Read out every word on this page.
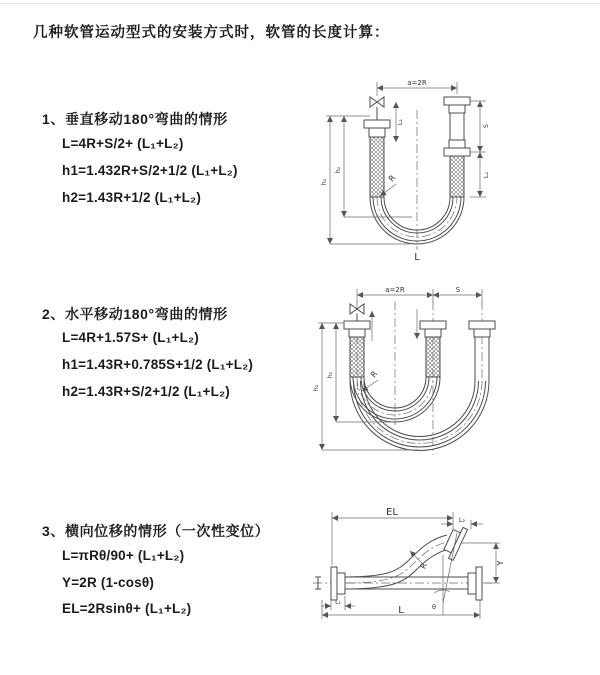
几种软管运动型式的安装方式时，软管的长度计算：
1、垂直移动180°弯曲的情形
L=4R+S/2+ (L₁+L₂)
h1=1.432R+S/2+1/2 (L₁+L₂)
h2=1.43R+1/2 (L₁+L₂)
2、水平移动180°弯曲的情形
L=4R+1.57S+ (L₁+L₂)
h1=1.43R+0.785S+1/2 (L₁+L₂)
h2=1.43R+S/2+1/2 (L₁+L₂)
3、横向位移的情形（一次性变位）
L=πRθ/90+ (L₁+L₂)
Y=2R (1-cosθ)
EL=2Rsinθ+ (L₁+L₂)
a=2R
h₁
h₂
L₁
S
L₂
R
L
a=2R	S
h₁
h₂	R
EL
L₂
Y
R
θ
L₁
L
